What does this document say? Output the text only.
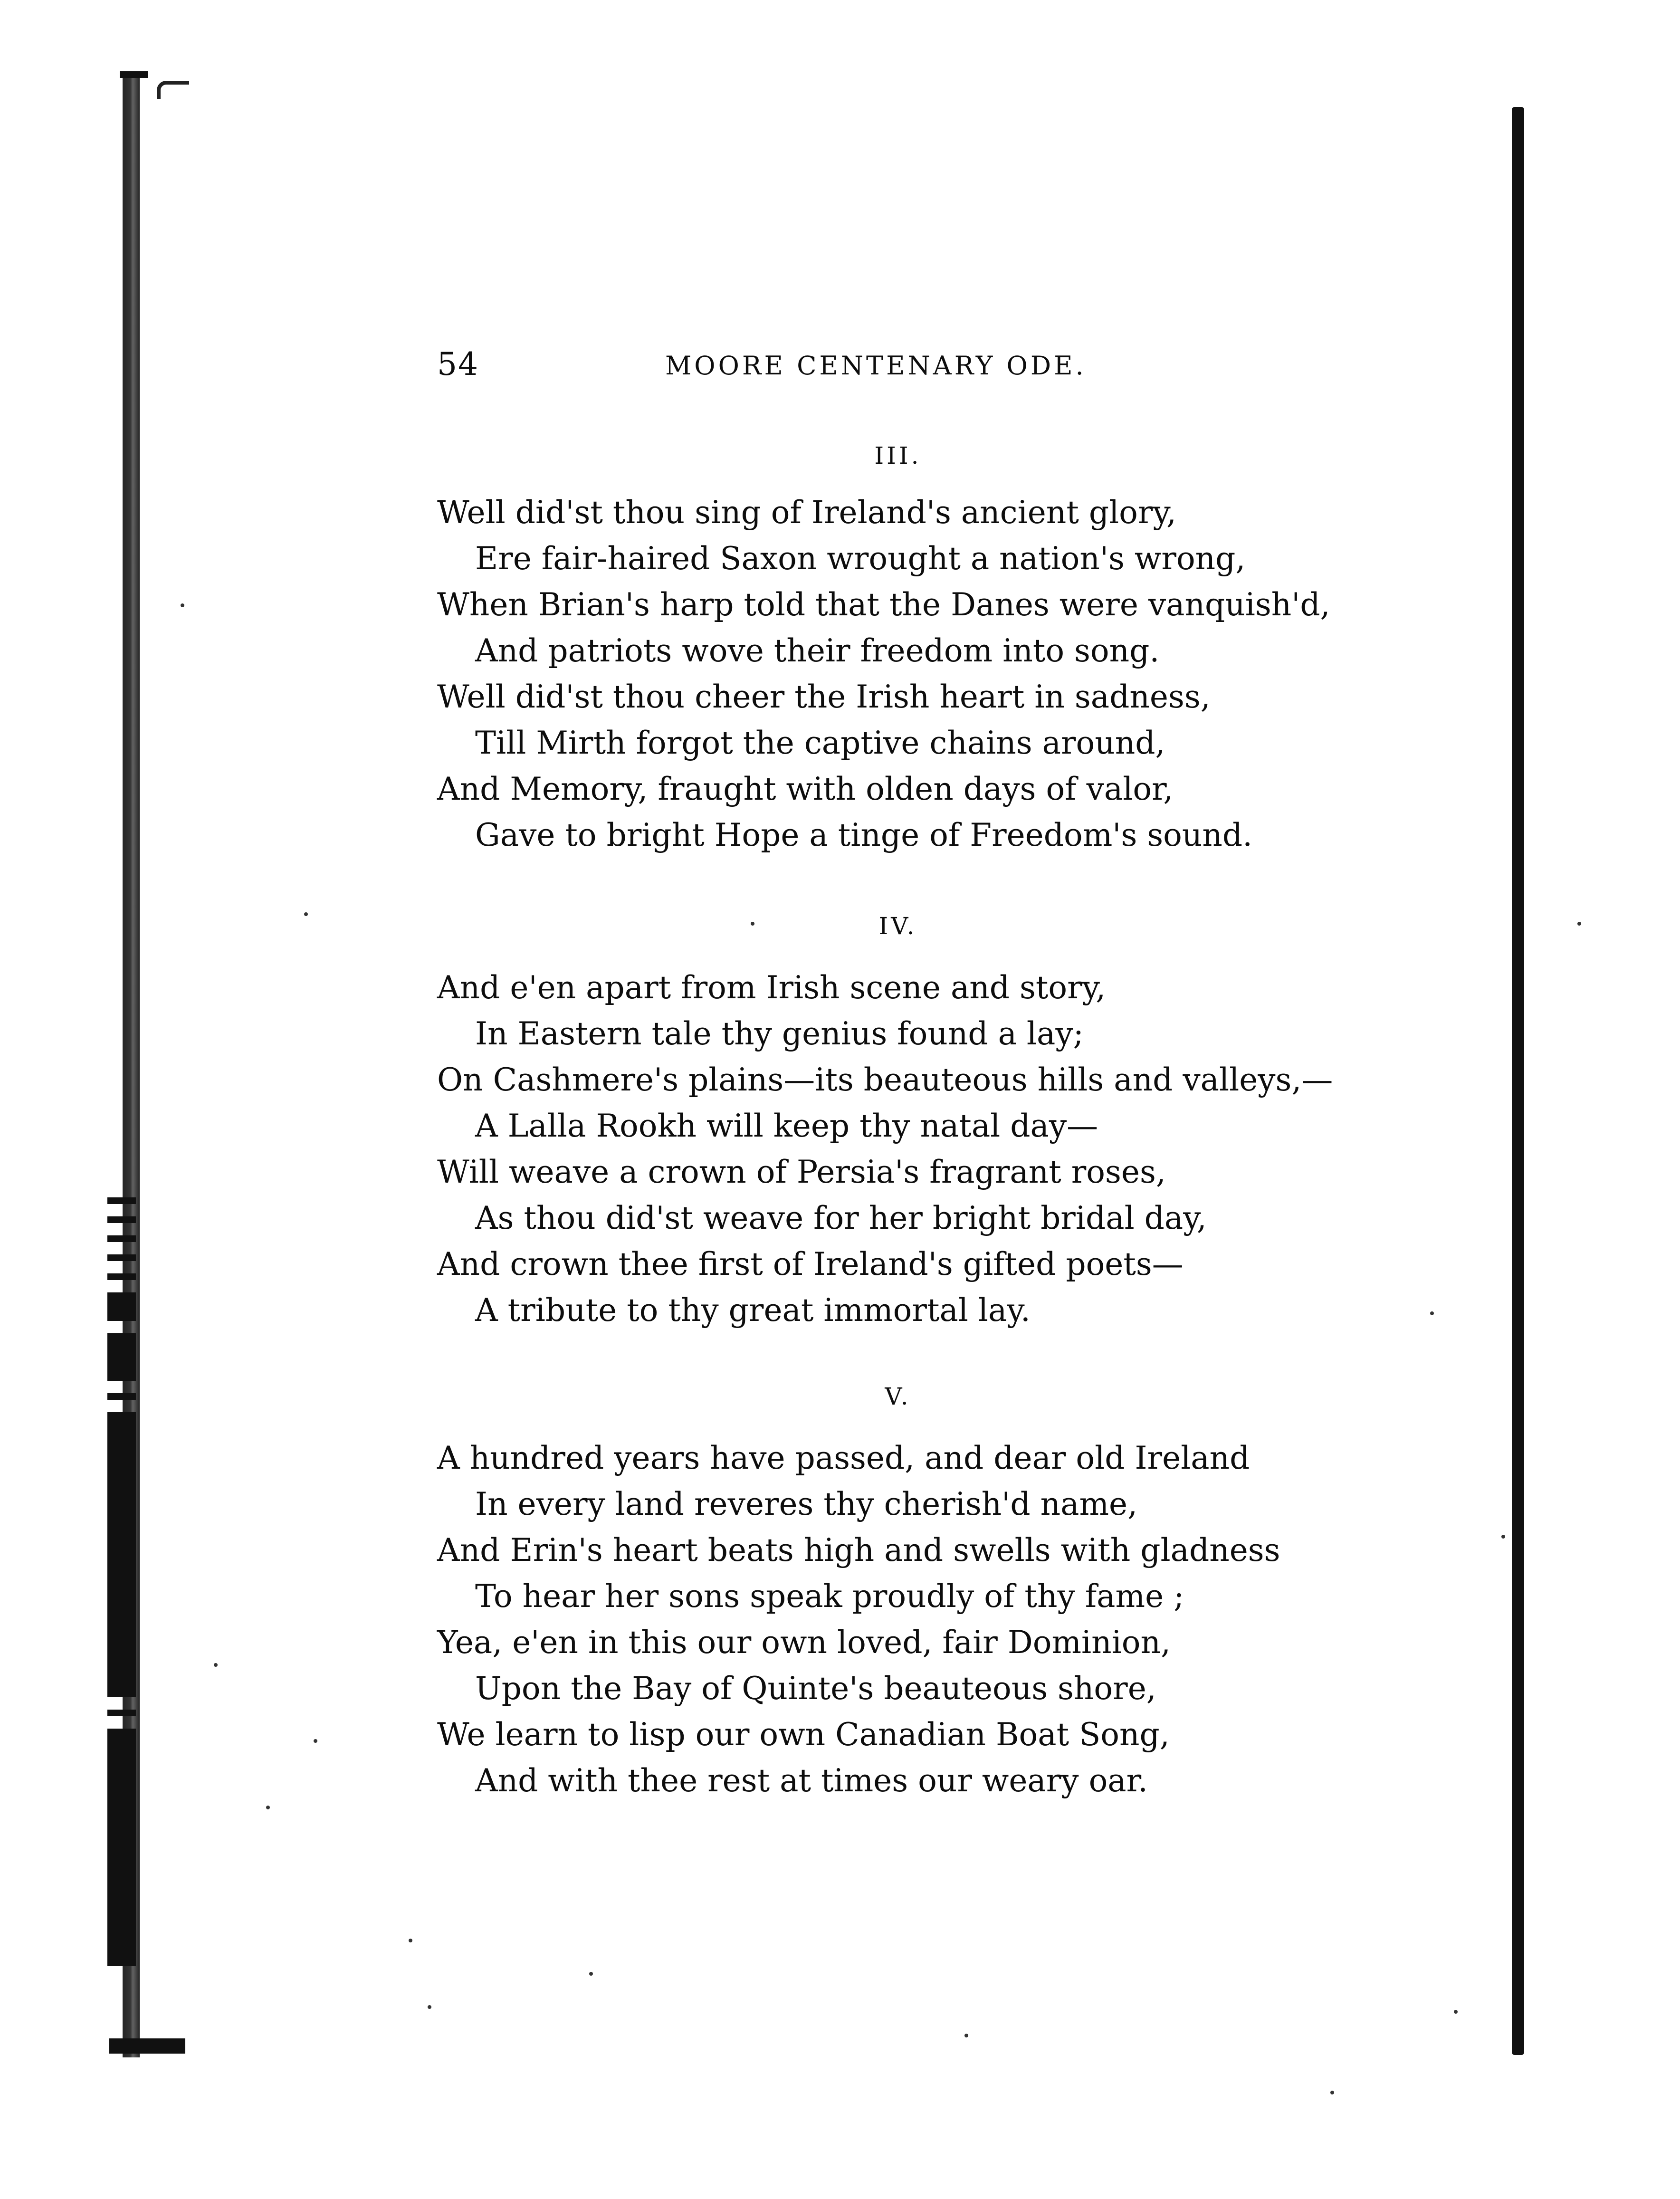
54	MOORE CENTENARY ODE.
III.
Well did'st thou sing of Ireland's ancient glory,
Ere fair-haired Saxon wrought a nation's wrong,
When Brian's harp told that the Danes were vanquish'd,
And patriots wove their freedom into song.
Well did'st thou cheer the Irish heart in sadness,
Till Mirth forgot the captive chains around,
And Memory, fraught with olden days of valor,
Gave to bright Hope a tinge of Freedom's sound.
IV.
And e'en apart from Irish scene and story,
In Eastern tale thy genius found a lay;
On Cashmere's plains—its beauteous hills and valleys,—
A Lalla Rookh will keep thy natal day—
Will weave a crown of Persia's fragrant roses,
As thou did'st weave for her bright bridal day,
And crown thee first of Ireland's gifted poets—
A tribute to thy great immortal lay.
V.
A hundred years have passed, and dear old Ireland
In every land reveres thy cherish'd name,
And Erin's heart beats high and swells with gladness
To hear her sons speak proudly of thy fame ;
Yea, e'en in this our own loved, fair Dominion,
Upon the Bay of Quinte's beauteous shore,
We learn to lisp our own Canadian Boat Song,
And with thee rest at times our weary oar.
